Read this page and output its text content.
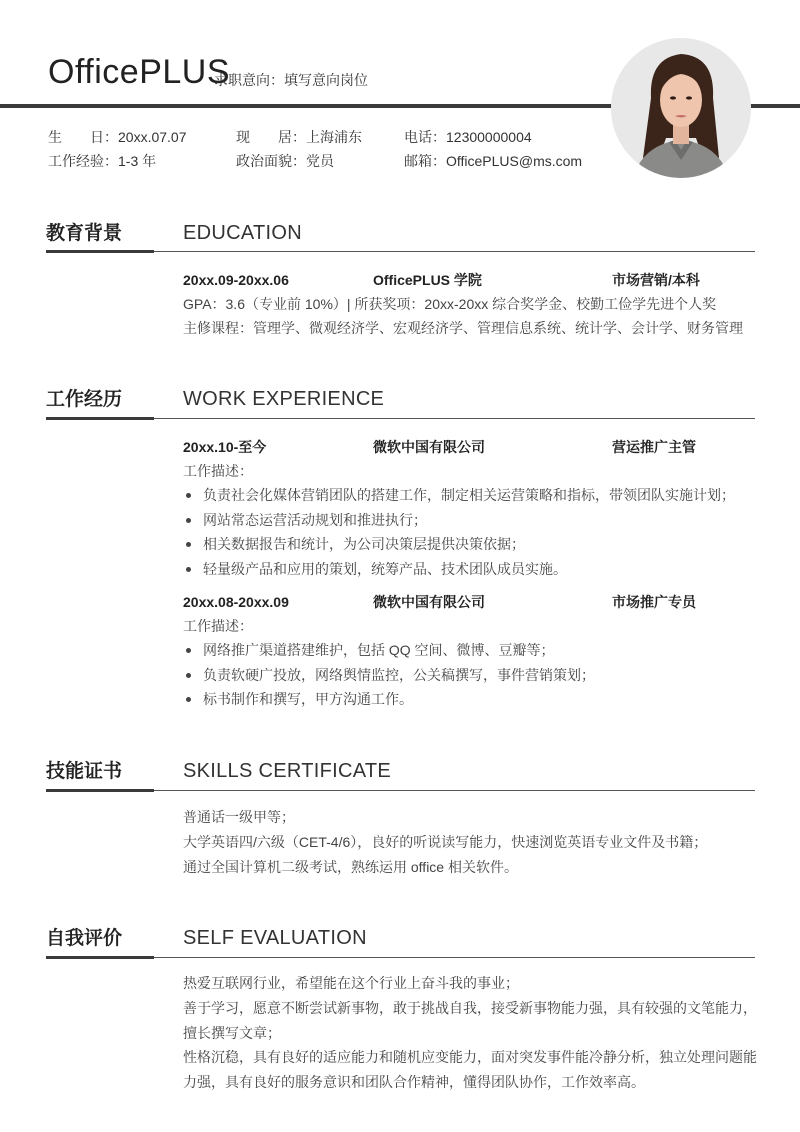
OfficePLUS
求职意向：填写意向岗位
生　　日：20xx.07.07	现　　居：上海浦东	电话：12300000004
工作经验：1-3 年	政治面貌：党员	邮箱：OfficePLUS@ms.com
教育背景	EDUCATION
20xx.09-20xx.06	OfficePLUS 学院	市场营销/本科
GPA：3.6（专业前 10%）| 所获奖项：20xx-20xx 综合奖学金、校勤工俭学先进个人奖
主修课程：管理学、微观经济学、宏观经济学、管理信息系统、统计学、会计学、财务管理
工作经历	WORK EXPERIENCE
20xx.10-至今	微软中国有限公司	营运推广主管
工作描述：
负责社会化媒体营销团队的搭建工作，制定相关运营策略和指标，带领团队实施计划；
网站常态运营活动规划和推进执行；
相关数据报告和统计，为公司决策层提供决策依据；
轻量级产品和应用的策划，统筹产品、技术团队成员实施。
20xx.08-20xx.09	微软中国有限公司	市场推广专员
工作描述：
网络推广渠道搭建维护，包括 QQ 空间、微博、豆瓣等；
负责软硬广投放，网络舆情监控，公关稿撰写，事件营销策划；
标书制作和撰写，甲方沟通工作。
技能证书	SKILLS CERTIFICATE
普通话一级甲等；
大学英语四/六级（CET-4/6），良好的听说读写能力，快速浏览英语专业文件及书籍；
通过全国计算机二级考试，熟练运用 office 相关软件。
自我评价	SELF EVALUATION
热爱互联网行业，希望能在这个行业上奋斗我的事业；
善于学习，愿意不断尝试新事物，敢于挑战自我，接受新事物能力强，具有较强的文笔能力，擅长撰写文章；
性格沉稳，具有良好的适应能力和随机应变能力，面对突发事件能冷静分析，独立处理问题能力强，具有良好的服务意识和团队合作精神，懂得团队协作，工作效率高。
